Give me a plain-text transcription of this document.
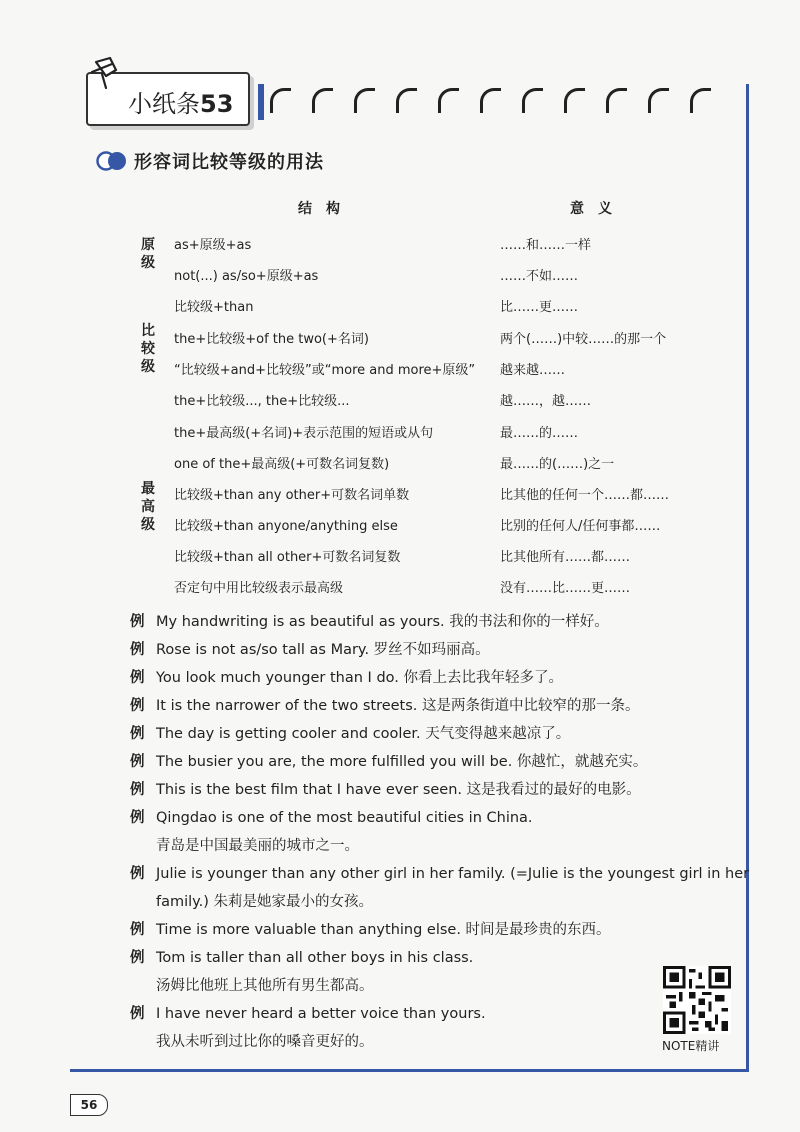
小纸条53
形容词比较等级的用法
结　构	意　义
原级
比较级
最高级
as+原级+as	……和……一样
not(...) as/so+原级+as	……不如……
比较级+than	比……更……
the+比较级+of the two(+名词)	两个(……)中较……的那一个
“比较级+and+比较级”或“more and more+原级” 越来越……
the+比较级..., the+比较级...	越……，越……
the+最高级(+名词)+表示范围的短语或从句	最……的……
one of the+最高级(+可数名词复数)	最……的(……)之一
比较级+than any other+可数名词单数	比其他的任何一个……都……
比较级+than anyone/anything else	比别的任何人/任何事都……
比较级+than all other+可数名词复数	比其他所有……都……
否定句中用比较级表示最高级	没有……比……更……
例 My handwriting is as beautiful as yours. 我的书法和你的一样好。
例 Rose is not as/so tall as Mary. 罗丝不如玛丽高。
例 You look much younger than I do. 你看上去比我年轻多了。
例 It is the narrower of the two streets. 这是两条街道中比较窄的那一条。
例 The day is getting cooler and cooler. 天气变得越来越凉了。
例 The busier you are, the more fulfilled you will be. 你越忙，就越充实。
例 This is the best film that I have ever seen. 这是我看过的最好的电影。
例 Qingdao is one of the most beautiful cities in China.
青岛是中国最美丽的城市之一。
例 Julie is younger than any other girl in her family. (=Julie is the youngest girl in her
family.) 朱莉是她家最小的女孩。
例 Time is more valuable than anything else. 时间是最珍贵的东西。
例 Tom is taller than all other boys in his class.
汤姆比他班上其他所有男生都高。
例 I have never heard a better voice than yours.
我从未听到过比你的嗓音更好的。	NOTE精讲
56
